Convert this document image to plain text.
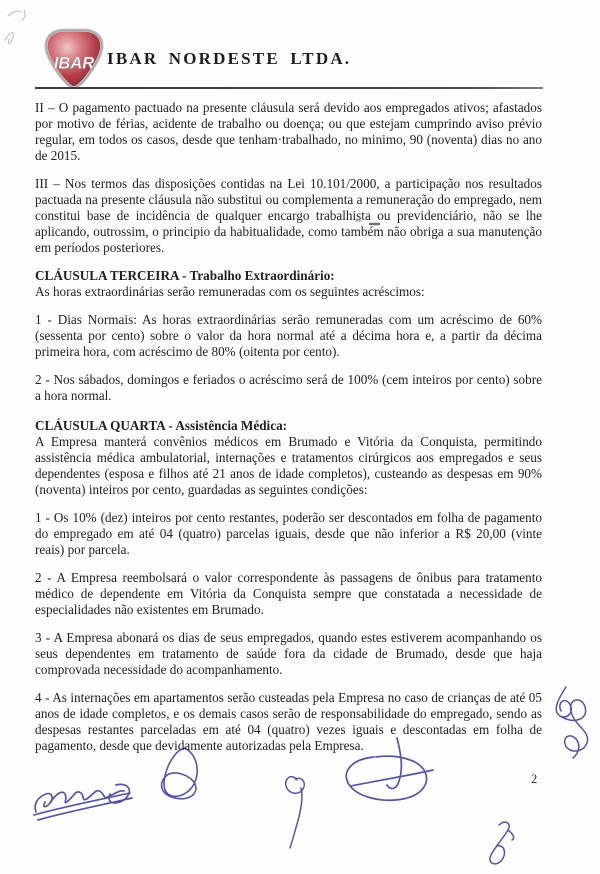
IBAR IBAR NORDESTE LTDA.

II – O pagamento pactuado na presente cláusula será devido aos empregados ativos; afastados por motivo de férias, acidente de trabalho ou doença; ou que estejam cumprindo aviso prévio regular, em todos os casos, desde que tenham·trabalhado, no minimo, 90 (noventa) dias no ano de 2015.

III – Nos termos das disposições contidas na Lei 10.101/2000, a participação nos resultados pactuada na presente cláusula não substitui ou complementa a remuneração do empregado, nem constitui base de incidência de qualquer encargo trabalhista ou previdenciário, não se lhe aplicando, outrossim, o principio da habitualidade, como também não obriga a sua manutenção em períodos posteriores.

CLÁUSULA TERCEIRA - Trabalho Extraordinário:

As horas extraordinárias serão remuneradas com os seguintes acréscimos:

1 - Dias Normais: As horas extraordinárias serão remuneradas com um acréscimo de 60% (sessenta por cento) sobre o valor da hora normal até a décima hora e, a partir da décima primeira hora, com acréscimo de 80% (oitenta por cento).

2 - Nos sábados, domingos e feriados o acréscimo será de 100% (cem inteiros por cento) sobre a hora normal.

CLÁUSULA QUARTA - Assistência Médica:

A Empresa manterá convênios médicos em Brumado e Vitória da Conquista, permitindo assistência médica ambulatorial, internações e tratamentos cirúrgicos aos empregados e seus dependentes (esposa e filhos até 21 anos de idade completos), custeando as despesas em 90% (noventa) inteiros por cento, guardadas as seguintes condições:

1 - Os 10% (dez) inteiros por cento restantes, poderão ser descontados em folha de pagamento do empregado em até 04 (quatro) parcelas iguais, desde que não inferior a R$ 20,00 (vinte reais) por parcela.

2 - A Empresa reembolsará o valor correspondente às passagens de ônibus para tratamento médico de dependente em Vitória da Conquista sempre que constatada a necessidade de especialidades não existentes em Brumado.

3 - A Empresa abonará os dias de seus empregados, quando estes estiverem acompanhando os seus dependentes em tratamento de saúde fora da cidade de Brumado, desde que haja comprovada necessidade do acompanhamento.

4 - As internações em apartamentos serão custeadas pela Empresa no caso de crianças de até 05 anos de idade completos, e os demais casos serão de responsabilidade do empregado, sendo as despesas restantes parceladas em até 04 (quatro) vezes iguais e descontadas em folha de pagamento, desde que devidamente autorizadas pela Empresa.

2
